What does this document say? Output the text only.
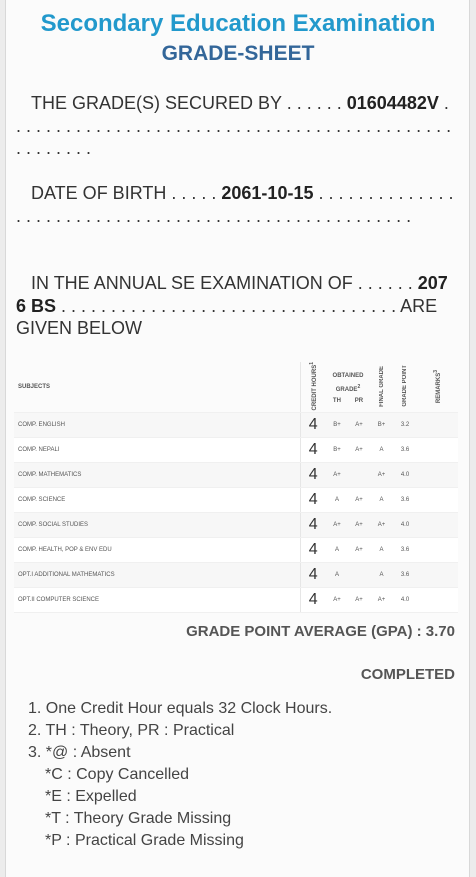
Secondary Education Examination
GRADE-SHEET
THE GRADE(S) SECURED BY . . . . . . 01604482V . . . . . . . . . . . . . . . . . . . . . . . . . . . . . . . . . . . . . . . . . . . . . . . . . . . . .
DATE OF BIRTH . . . . . 2061-10-15 . . . . . . . . . . . . . . . . . . . . . . . . . . . . . . . . . . . . . . . . . . . . . . . . . . . . . .
IN THE ANNUAL SE EXAMINATION OF . . . . . . 2076 BS . . . . . . . . . . . . . . . . . . . . . . . . . . . . . . . . . . ARE GIVEN BELOW
SUBJECTS	CREDIT HOURS$^1$	OBTAINED GRADE$^2$
TH PR		FINAL GRADE	GRADE POINT	REMARKS$^3$
COMP. ENGLISH	4	B+	A+	B+	3.2	
COMP. NEPALI	4	B+	A+	A	3.6	
COMP. MATHEMATICS	4	A+		A+	4.0	
COMP. SCIENCE	4	A	A+	A	3.6	
COMP. SOCIAL STUDIES	4	A+	A+	A+	4.0	
COMP. HEALTH, POP & ENV EDU	4	A	A+	A	3.6	
OPT.I ADDITIONAL MATHEMATICS	4	A		A	3.6	
OPT.II COMPUTER SCIENCE	4	A+	A+	A+	4.0	
GRADE POINT AVERAGE (GPA) : 3.70
COMPLETED
1. One Credit Hour equals 32 Clock Hours.
2. TH : Theory, PR : Practical
3. *@ : Absent
*C : Copy Cancelled
*E : Expelled
*T : Theory Grade Missing
*P : Practical Grade Missing
